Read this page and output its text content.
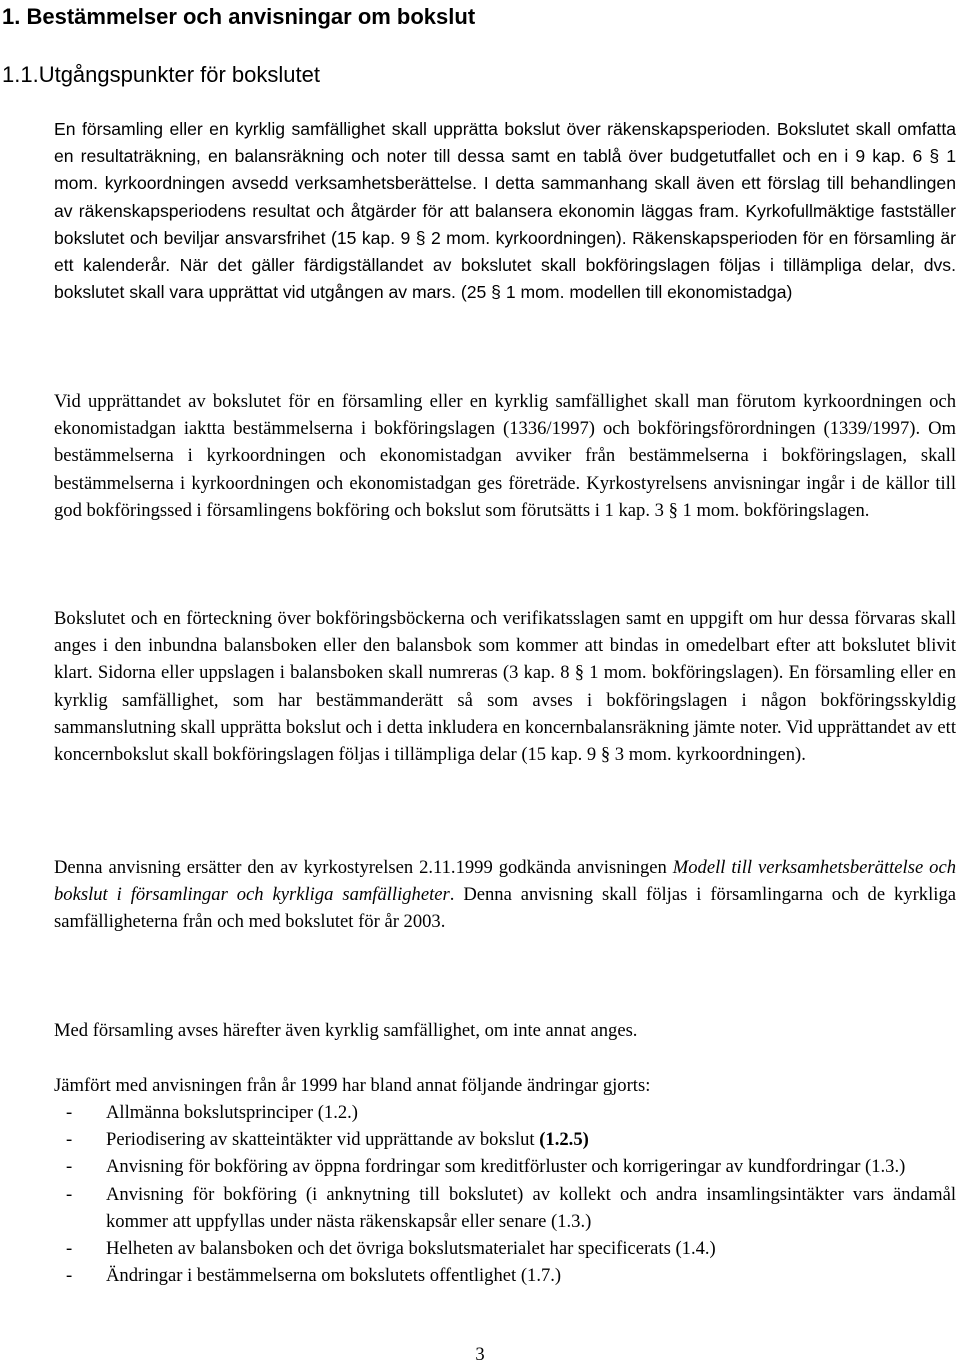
1. Bestämmelser och anvisningar om bokslut
1.1.Utgångspunkter för bokslutet

En församling eller en kyrklig samfällighet skall upprätta bokslut över räkenskapsperioden. Bokslutet skall omfatta en resultaträkning, en balansräkning och noter till dessa samt en tablå över budgetutfallet och en i 9 kap. 6 § 1 mom. kyrkoordningen avsedd verksamhetsberättelse. I detta sammanhang skall även ett förslag till behandlingen av räkenskapsperiodens resultat och åtgärder för att balansera ekonomin läggas fram. Kyrkofullmäktige fastställer bokslutet och beviljar ansvarsfrihet (15 kap. 9 § 2 mom. kyrkoordningen). Räkenskapsperioden för en församling är ett kalenderår. När det gäller färdigställandet av bokslutet skall bokföringslagen följas i tillämpliga delar, dvs. bokslutet skall vara upprättat vid utgången av mars. (25 § 1 mom. modellen till ekonomistadga)

Vid upprättandet av bokslutet för en församling eller en kyrklig samfällighet skall man förutom kyrkoordningen och ekonomistadgan iaktta bestämmelserna i bokföringslagen (1336/1997) och bokföringsförordningen (1339/1997). Om bestämmelserna i kyrkoordningen och ekonomistadgan avviker från bestämmelserna i bokföringslagen, skall bestämmelserna i kyrkoordningen och ekonomistadgan ges företräde. Kyrkostyrelsens anvisningar ingår i de källor till god bokföringssed i församlingens bokföring och bokslut som förutsätts i 1 kap. 3 § 1 mom. bokföringslagen.

Bokslutet och en förteckning över bokföringsböckerna och verifikatsslagen samt en uppgift om hur dessa förvaras skall anges i den inbundna balansboken eller den balansbok som kommer att bindas in omedelbart efter att bokslutet blivit klart. Sidorna eller uppslagen i balansboken skall numreras (3 kap. 8 § 1 mom. bokföringslagen). En församling eller en kyrklig samfällighet, som har bestämmanderätt så som avses i bokföringslagen i någon bokföringsskyldig sammanslutning skall upprätta bokslut och i detta inkludera en koncernbalansräkning jämte noter. Vid upprättandet av ett koncernbokslut skall bokföringslagen följas i tillämpliga delar (15 kap. 9 § 3 mom. kyrkoordningen).

Denna anvisning ersätter den av kyrkostyrelsen 2.11.1999 godkända anvisningen Modell till verksamhetsberättelse och bokslut i församlingar och kyrkliga samfälligheter. Denna anvisning skall följas i församlingarna och de kyrkliga samfälligheterna från och med bokslutet för år 2003.

Med församling avses härefter även kyrklig samfällighet, om inte annat anges.

Jämfört med anvisningen från år 1999 har bland annat följande ändringar gjorts:

- Allmänna bokslutsprinciper (1.2.)
- Periodisering av skatteintäkter vid upprättande av bokslut (1.2.5)
- Anvisning för bokföring av öppna fordringar som kreditförluster och korrigeringar av kundfordringar (1.3.)
- Anvisning för bokföring (i anknytning till bokslutet) av kollekt och andra insamlingsintäkter vars ändamål kommer att uppfyllas under nästa räkenskapsår eller senare (1.3.)
- Helheten av balansboken och det övriga bokslutsmaterialet har specificerats (1.4.)
- Ändringar i bestämmelserna om bokslutets offentlighet (1.7.)
3
